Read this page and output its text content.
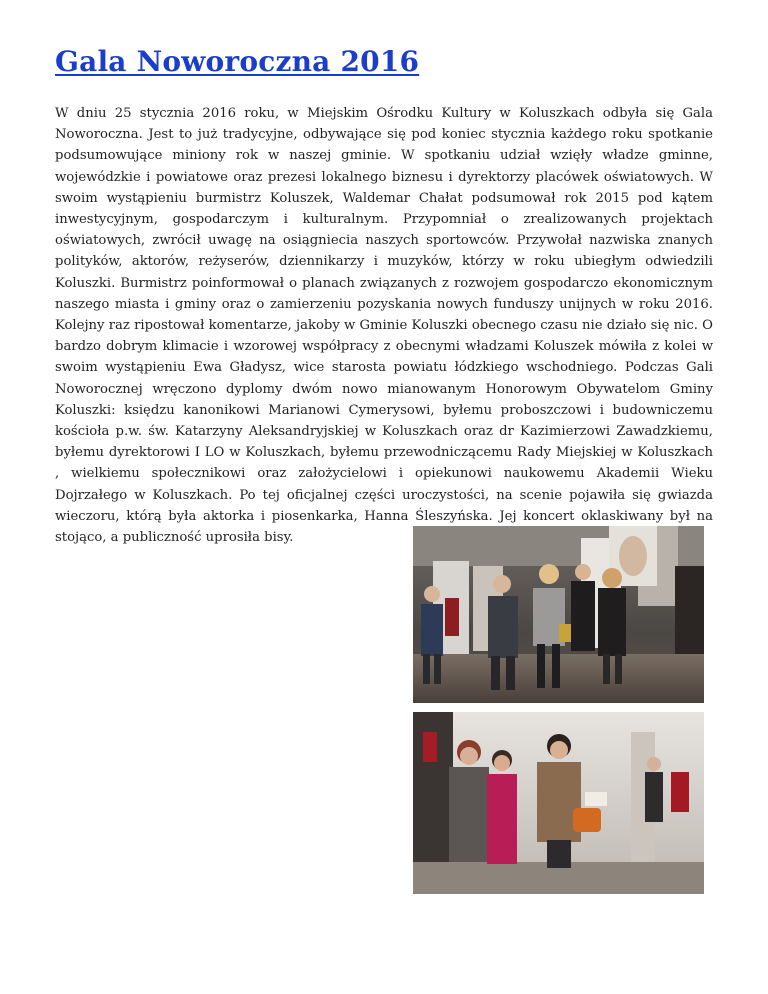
Gala Noworoczna 2016

W dniu 25 stycznia 2016 roku, w Miejskim Ośrodku Kultury w Koluszkach odbyła się Gala Noworoczna. Jest to już tradycyjne, odbywające się pod koniec stycznia każdego roku spotkanie podsumowujące miniony rok w naszej gminie. W spotkaniu udział wzięły władze gminne, wojewódzkie i powiatowe oraz prezesi lokalnego biznesu i dyrektorzy placówek oświatowych. W swoim wystąpieniu burmistrz Koluszek, Waldemar Chałat podsumował rok 2015 pod kątem inwestycyjnym, gospodarczym i kulturalnym. Przypomniał o zrealizowanych projektach oświatowych, zwrócił uwagę na osiągniecia naszych sportowców. Przywołał nazwiska znanych polityków, aktorów, reżyserów, dziennikarzy i muzyków, którzy w roku ubiegłym odwiedzili Koluszki. Burmistrz poinformował o planach związanych z rozwojem gospodarczo ekonomicznym naszego miasta i gminy oraz o zamierzeniu pozyskania nowych funduszy unijnych w roku 2016. Kolejny raz ripostował komentarze, jakoby w Gminie Koluszki obecnego czasu nie działo się nic. O bardzo dobrym klimacie i wzorowej współpracy z obecnymi władzami Koluszek mówiła z kolei w swoim wystąpieniu Ewa Gładysz, wice starosta powiatu łódzkiego wschodniego. Podczas Gali Noworocznej wręczono dyplomy dwóm nowo mianowanym Honorowym Obywatelom Gminy Koluszki: księdzu kanonikowi Marianowi Cymerysowi, byłemu proboszczowi i budowniczemu kościoła p.w. św. Katarzyny Aleksandryjskiej w Koluszkach oraz dr Kazimierzowi Zawadzkiemu, byłemu dyrektorowi I LO w Koluszkach, byłemu przewodniczącemu Rady Miejskiej w Koluszkach , wielkiemu społecznikowi oraz założycielowi i opiekunowi naukowemu Akademii Wieku Dojrzałego w Koluszkach. Po tej oficjalnej części uroczystości, na scenie pojawiła się gwiazda wieczoru, którą była aktorka i piosenkarka, Hanna Śleszyńska. Jej koncert oklaskiwany był na stojąco, a publiczność uprosiła bisy.
